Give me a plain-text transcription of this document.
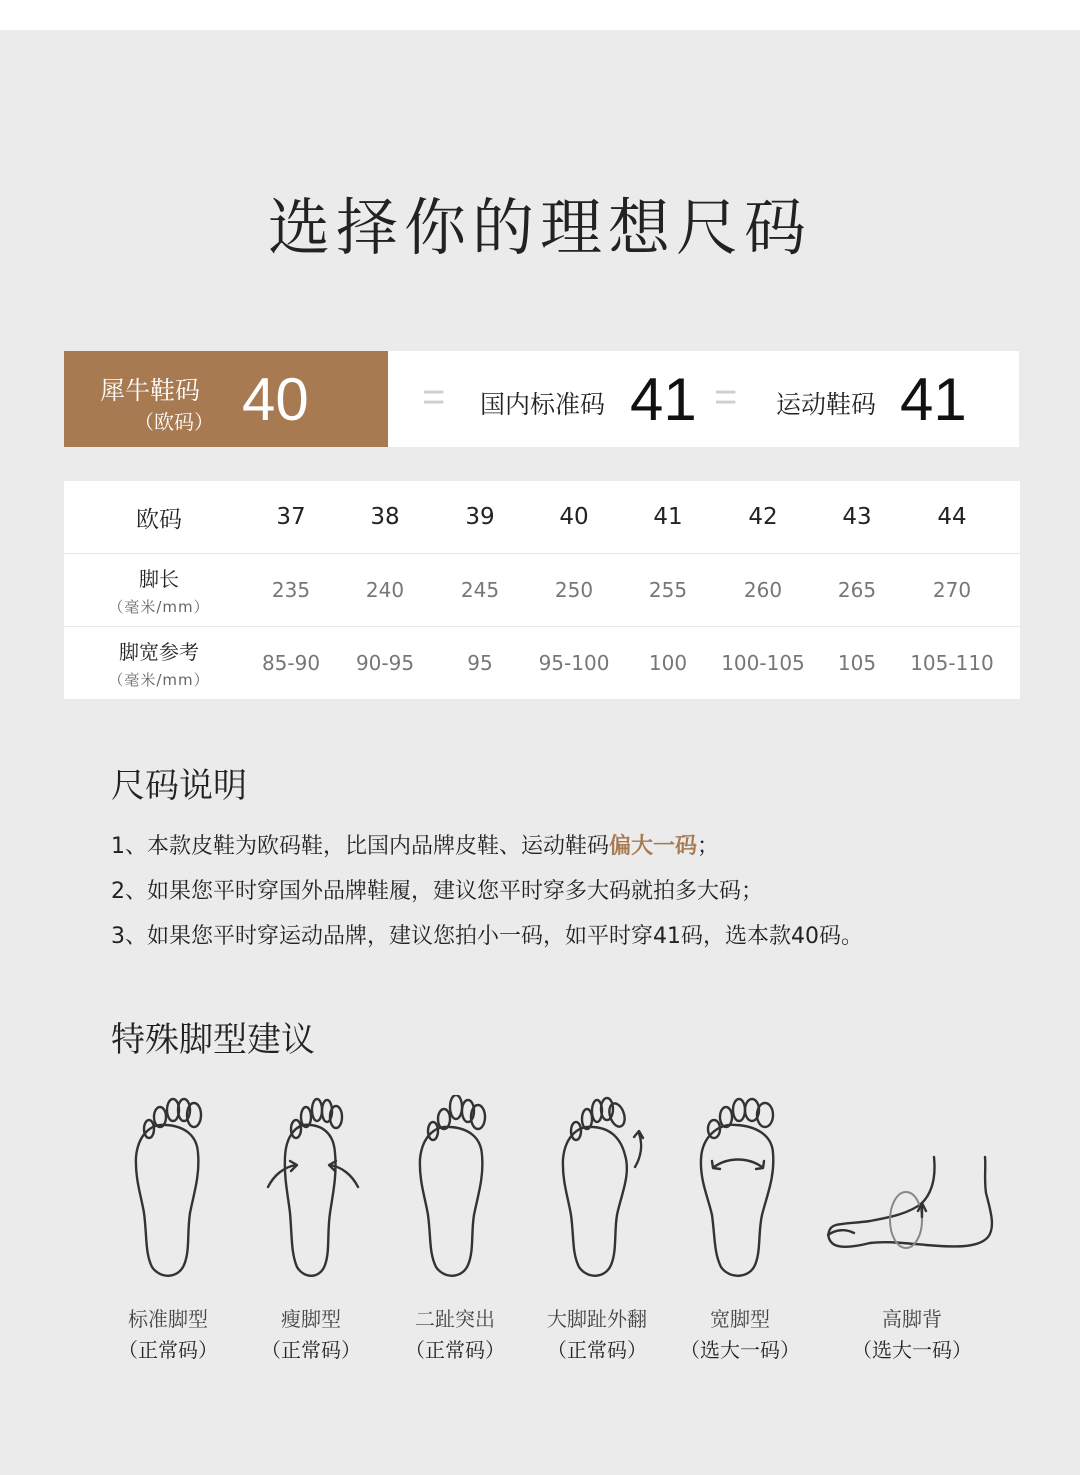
选择你的理想尺码
犀牛鞋码
（欧码） 40	= 国内标准码 41 = 运动鞋码 41
欧码	37	38	39	40	41	42	43	44
脚长
（毫米/mm）
235	240	245	250	255	260	265	270
脚宽参考
（毫米/mm）
85-90	90-95	95	95-100	100	100-105	105	105-110
尺码说明
1、本款皮鞋为欧码鞋，比国内品牌皮鞋、运动鞋码偏大一码；
2、如果您平时穿国外品牌鞋履，建议您平时穿多大码就拍多大码；
3、如果您平时穿运动品牌，建议您拍小一码，如平时穿41码，选本款40码。
特殊脚型建议
标准脚型
（正常码）
瘦脚型
（正常码）
二趾突出
（正常码）
大脚趾外翻
（正常码）
宽脚型
（选大一码）
高脚背
（选大一码）
